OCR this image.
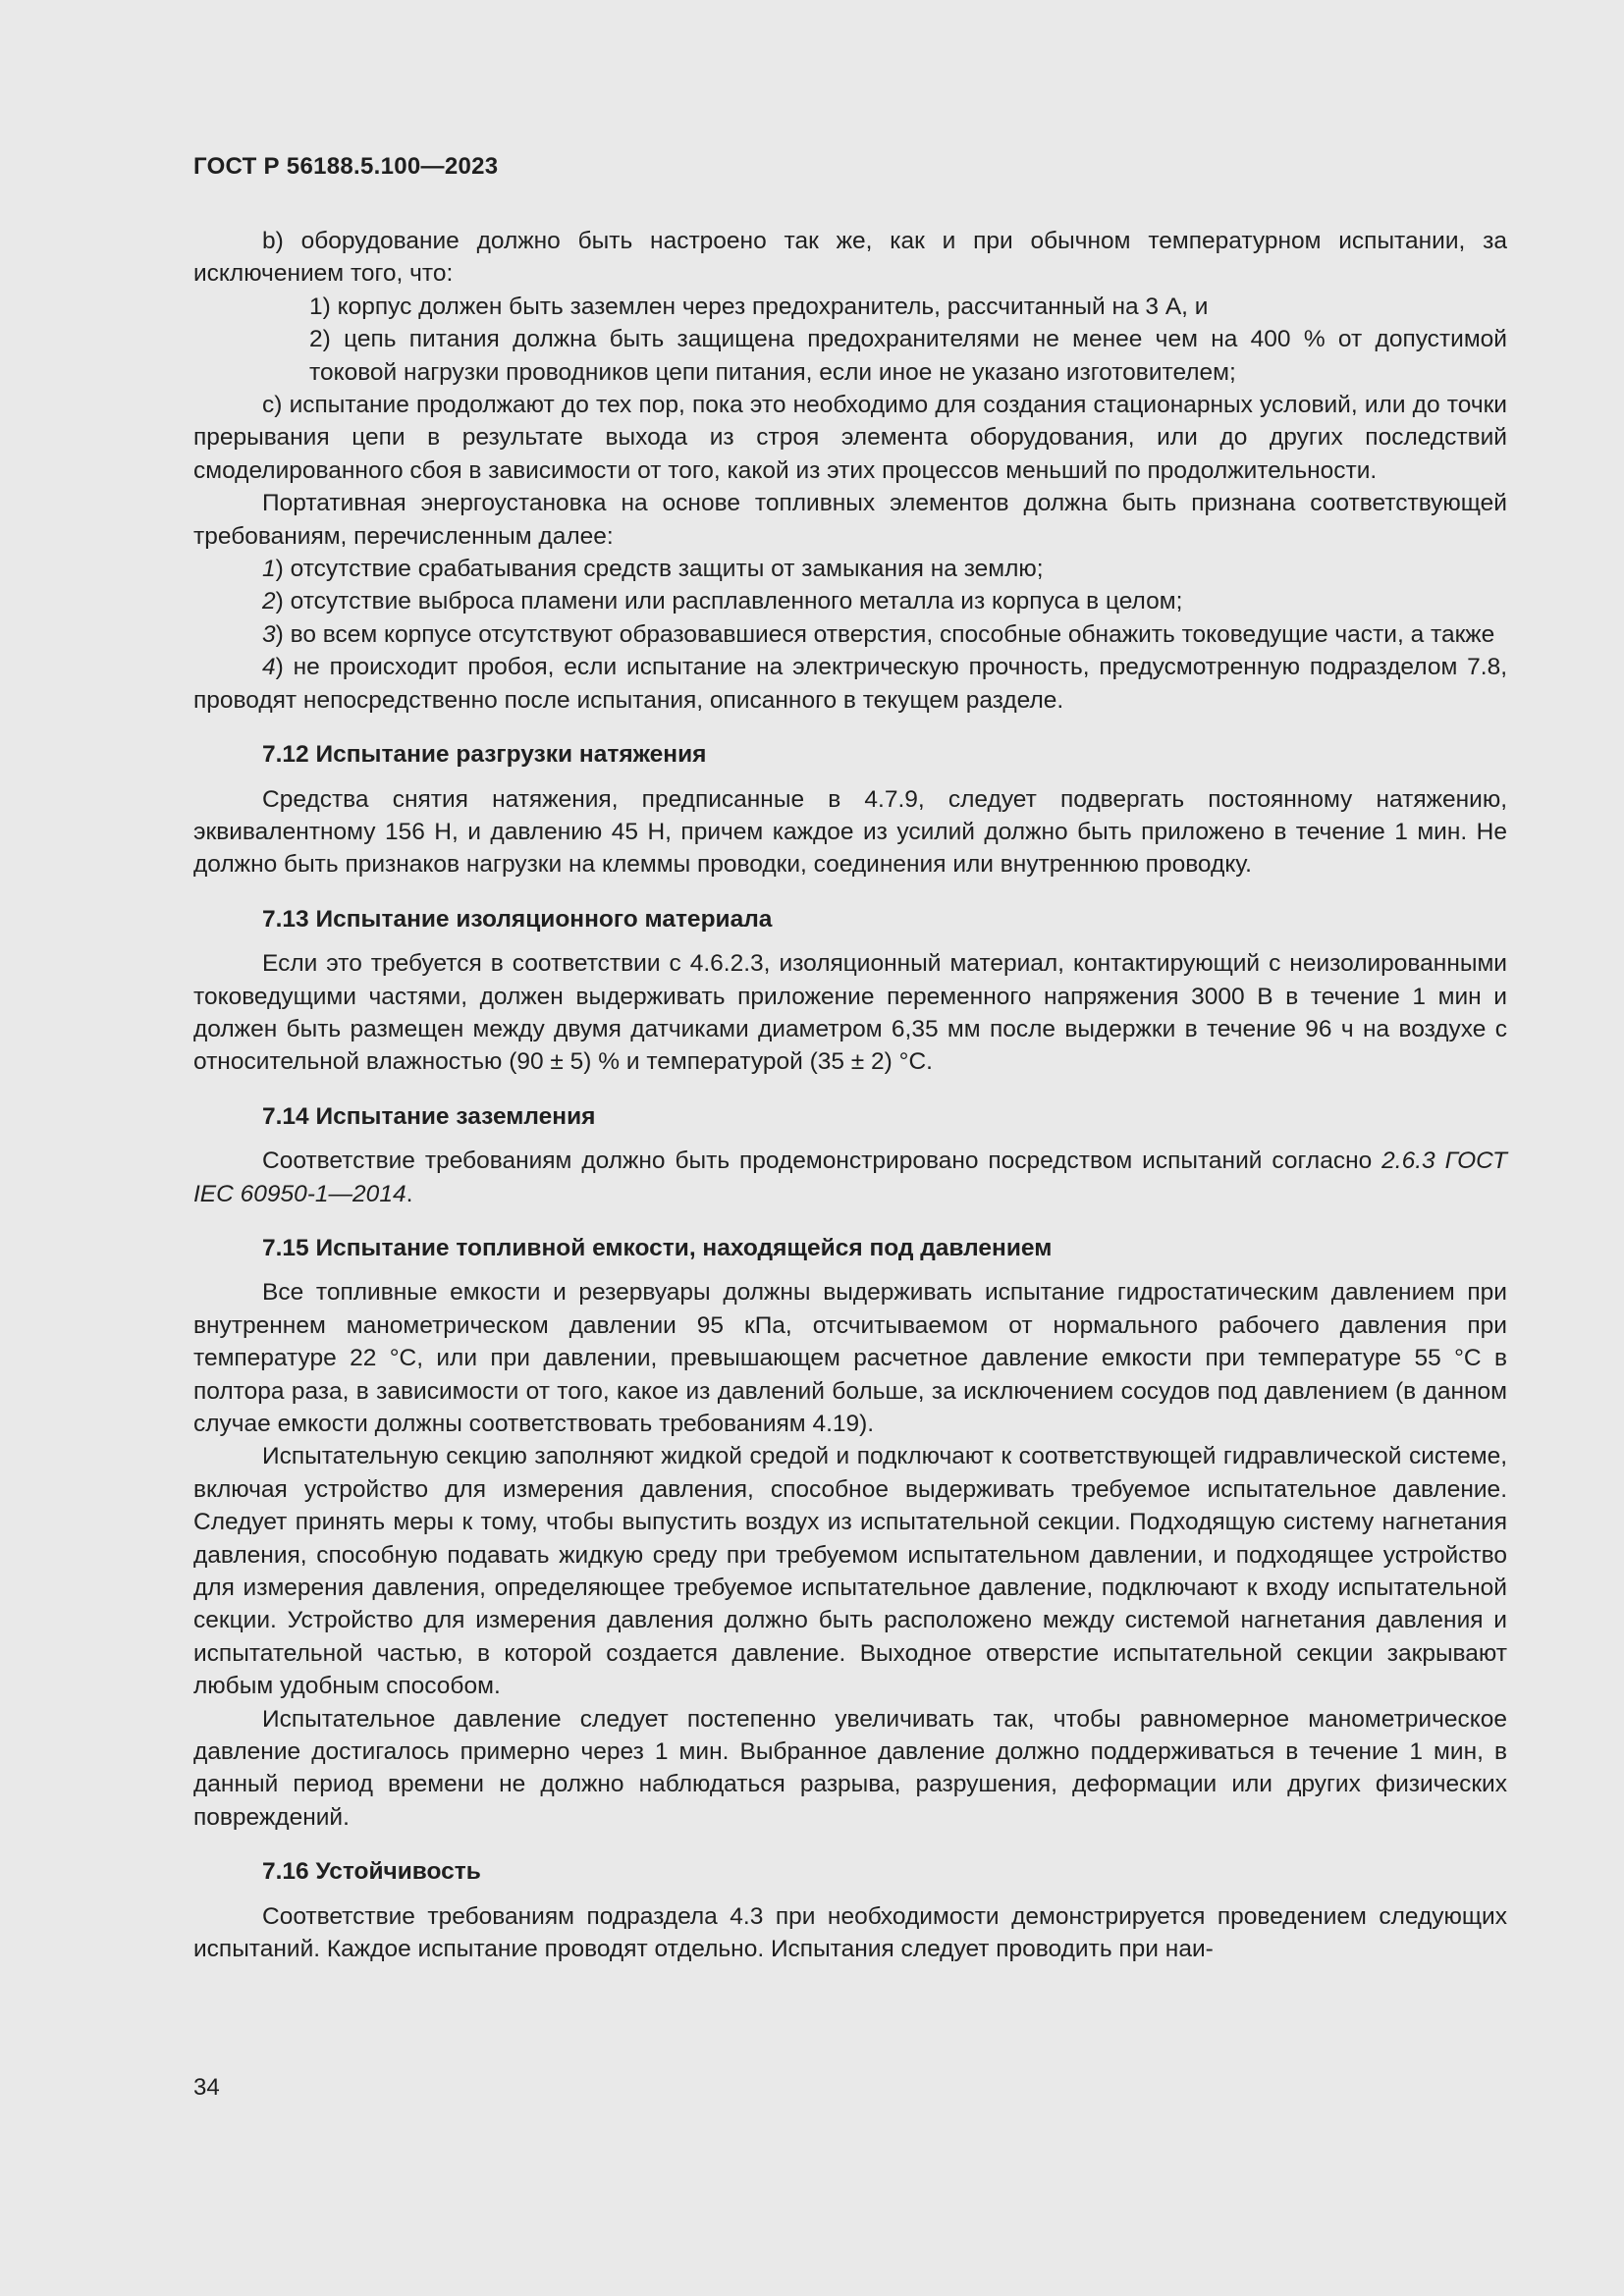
ГОСТ Р 56188.5.100—2023

b) оборудование должно быть настроено так же, как и при обычном температурном испытании, за исключением того, что:

1) корпус должен быть заземлен через предохранитель, рассчитанный на 3 А, и

2) цепь питания должна быть защищена предохранителями не менее чем на 400 % от допустимой токовой нагрузки проводников цепи питания, если иное не указано изготовителем;

c) испытание продолжают до тех пор, пока это необходимо для создания стационарных условий, или до точки прерывания цепи в результате выхода из строя элемента оборудования, или до других последствий смоделированного сбоя в зависимости от того, какой из этих процессов меньший по продолжительности.

Портативная энергоустановка на основе топливных элементов должна быть признана соответствующей требованиям, перечисленным далее:

1) отсутствие срабатывания средств защиты от замыкания на землю;

2) отсутствие выброса пламени или расплавленного металла из корпуса в целом;

3) во всем корпусе отсутствуют образовавшиеся отверстия, способные обнажить токоведущие части, а также

4) не происходит пробоя, если испытание на электрическую прочность, предусмотренную подразделом 7.8, проводят непосредственно после испытания, описанного в текущем разделе.

7.12 Испытание разгрузки натяжения

Средства снятия натяжения, предписанные в 4.7.9, следует подвергать постоянному натяжению, эквивалентному 156 Н, и давлению 45 Н, причем каждое из усилий должно быть приложено в течение 1 мин. Не должно быть признаков нагрузки на клеммы проводки, соединения или внутреннюю проводку.

7.13 Испытание изоляционного материала

Если это требуется в соответствии с 4.6.2.3, изоляционный материал, контактирующий с неизолированными токоведущими частями, должен выдерживать приложение переменного напряжения 3000 В в течение 1 мин и должен быть размещен между двумя датчиками диаметром 6,35 мм после выдержки в течение 96 ч на воздухе с относительной влажностью (90 ± 5) % и температурой (35 ± 2) °С.

7.14 Испытание заземления

Соответствие требованиям должно быть продемонстрировано посредством испытаний согласно 2.6.3 ГОСТ IEC 60950-1—2014.

7.15 Испытание топливной емкости, находящейся под давлением

Все топливные емкости и резервуары должны выдерживать испытание гидростатическим давлением при внутреннем манометрическом давлении 95 кПа, отсчитываемом от нормального рабочего давления при температуре 22 °С, или при давлении, превышающем расчетное давление емкости при температуре 55 °С в полтора раза, в зависимости от того, какое из давлений больше, за исключением сосудов под давлением (в данном случае емкости должны соответствовать требованиям 4.19).

Испытательную секцию заполняют жидкой средой и подключают к соответствующей гидравлической системе, включая устройство для измерения давления, способное выдерживать требуемое испытательное давление. Следует принять меры к тому, чтобы выпустить воздух из испытательной секции. Подходящую систему нагнетания давления, способную подавать жидкую среду при требуемом испытательном давлении, и подходящее устройство для измерения давления, определяющее требуемое испытательное давление, подключают к входу испытательной секции. Устройство для измерения давления должно быть расположено между системой нагнетания давления и испытательной частью, в которой создается давление. Выходное отверстие испытательной секции закрывают любым удобным способом.

Испытательное давление следует постепенно увеличивать так, чтобы равномерное манометрическое давление достигалось примерно через 1 мин. Выбранное давление должно поддерживаться в течение 1 мин, в данный период времени не должно наблюдаться разрыва, разрушения, деформации или других физических повреждений.

7.16 Устойчивость

Соответствие требованиям подраздела 4.3 при необходимости демонстрируется проведением следующих испытаний. Каждое испытание проводят отдельно. Испытания следует проводить при наи-

34
